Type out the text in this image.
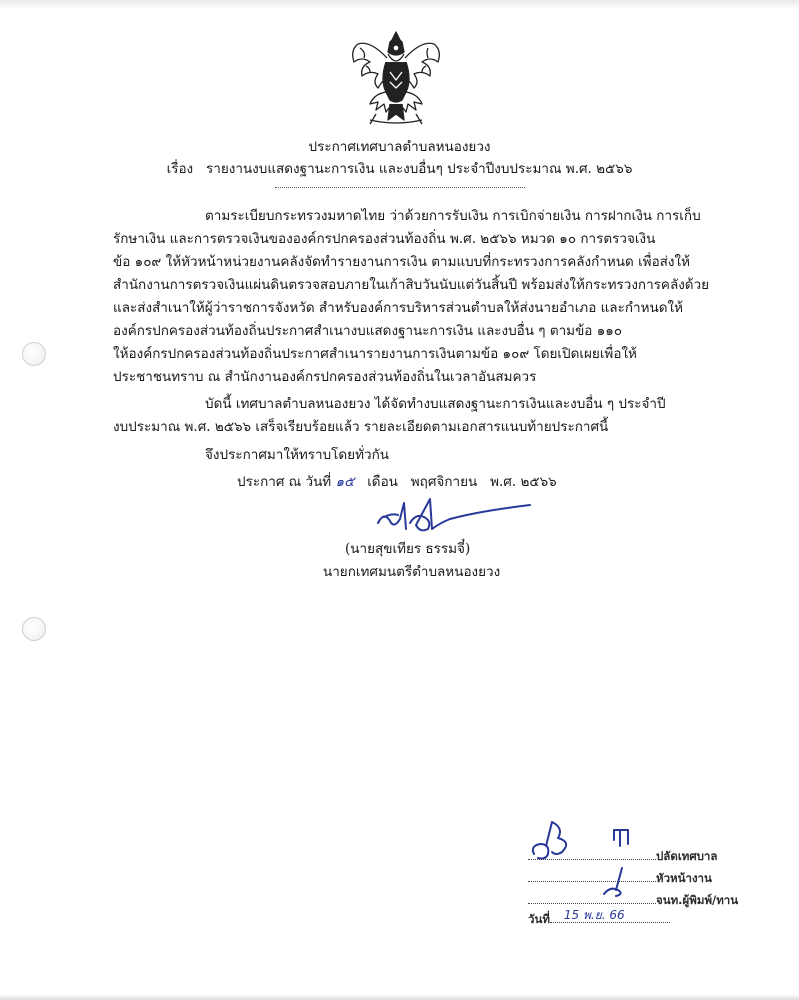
ประกาศเทศบาลตำบลหนองยวง
เรื่อง รายงานงบแสดงฐานะการเงิน และงบอื่นๆ ประจำปีงบประมาณ พ.ศ. ๒๕๖๖
ตามระเบียบกระทรวงมหาดไทย ว่าด้วยการรับเงิน การเบิกจ่ายเงิน การฝากเงิน การเก็บ
รักษาเงิน และการตรวจเงินขององค์กรปกครองส่วนท้องถิ่น พ.ศ. ๒๕๖๖ หมวด ๑๐ การตรวจเงิน
ข้อ ๑๐๙ ให้หัวหน้าหน่วยงานคลังจัดทำรายงานการเงิน ตามแบบที่กระทรวงการคลังกำหนด เพื่อส่งให้
สำนักงานการตรวจเงินแผ่นดินตรวจสอบภายในเก้าสิบวันนับแต่วันสิ้นปี พร้อมส่งให้กระทรวงการคลังด้วย
และส่งสำเนาให้ผู้ว่าราชการจังหวัด สำหรับองค์การบริหารส่วนตำบลให้ส่งนายอำเภอ และกำหนดให้
องค์กรปกครองส่วนท้องถิ่นประกาศสำเนางบแสดงฐานะการเงิน และงบอื่น ๆ ตามข้อ ๑๑๐
ให้องค์กรปกครองส่วนท้องถิ่นประกาศสำเนารายงานการเงินตามข้อ ๑๐๙ โดยเปิดเผยเพื่อให้
ประชาชนทราบ ณ สำนักงานองค์กรปกครองส่วนท้องถิ่นในเวลาอันสมควร
บัดนี้ เทศบาลตำบลหนองยวง ได้จัดทำงบแสดงฐานะการเงินและงบอื่น ๆ ประจำปี
งบประมาณ พ.ศ. ๒๕๖๖ เสร็จเรียบร้อยแล้ว รายละเอียดตามเอกสารแนบท้ายประกาศนี้
จึงประกาศมาให้ทราบโดยทั่วกัน
ประกาศ ณ วันที่ ๑๕ เดือน พฤศจิกายน พ.ศ. ๒๕๖๖
(นายสุขเทียร ธรรมจี๋)
นายกเทศมนตรีตำบลหนองยวง
ปลัดเทศบาล
หัวหน้างาน
จนท.ผู้พิมพ์/ทาน
วันที่ 15 พ.ย. 66
